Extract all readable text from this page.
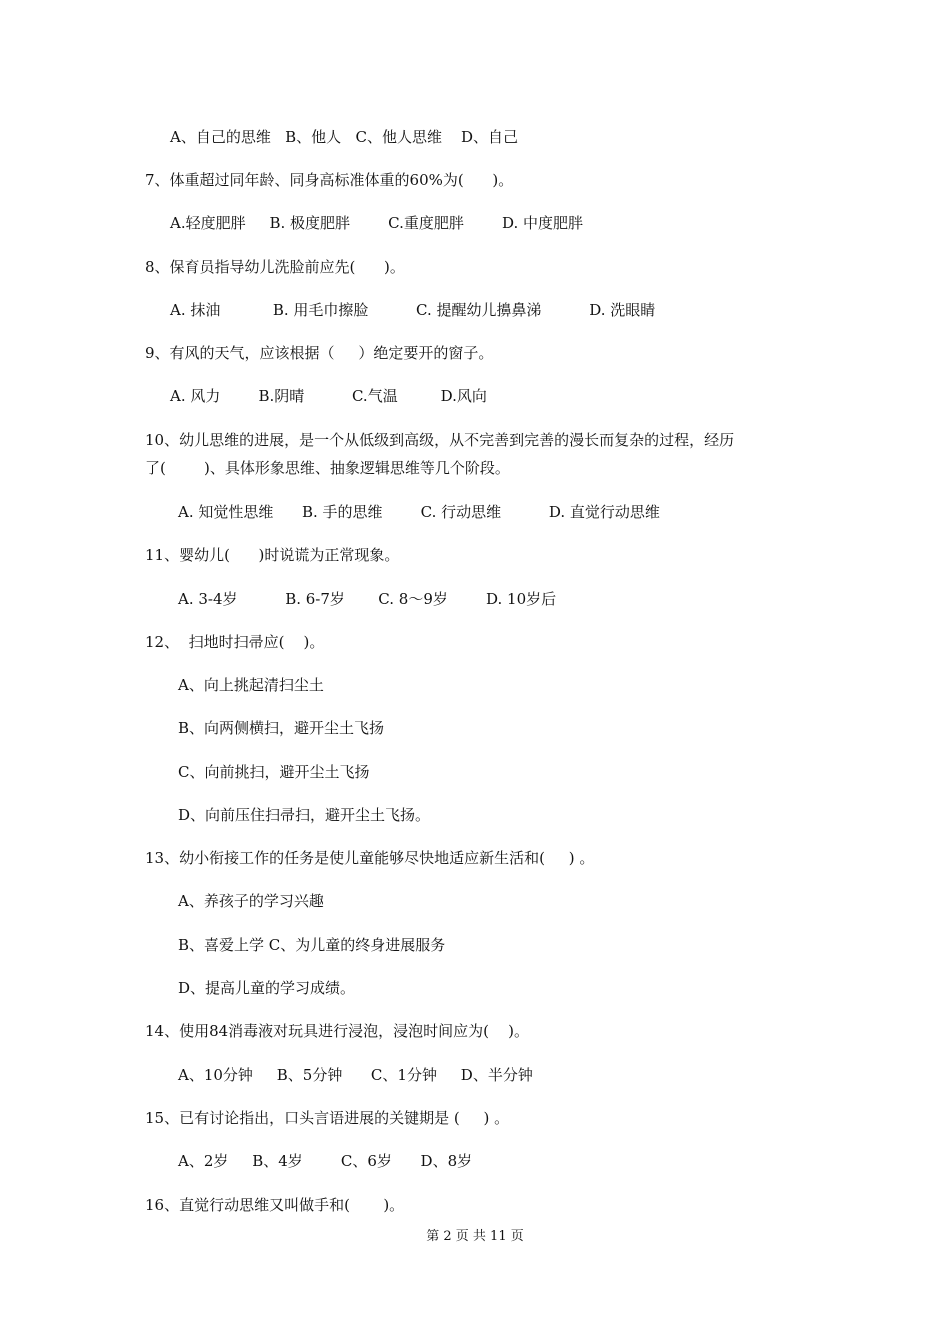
A、自己的思维   B、他人   C、他人思维    D、自己
7、体重超过同年龄、同身高标准体重的60%为(      )。
A.轻度肥胖     B. 极度肥胖        C.重度肥胖        D. 中度肥胖
8、保育员指导幼儿洗脸前应先(      )。
A. 抹油           B. 用毛巾擦脸          C. 提醒幼儿擤鼻涕          D. 洗眼睛
9、有风的天气，应该根据（     ）绝定要开的窗子。
A. 风力        B.阴晴          C.气温         D.风向
10、幼儿思维的进展，是一个从低级到高级，从不完善到完善的漫长而复杂的过程，经历
了(        )、具体形象思维、抽象逻辑思维等几个阶段。
A. 知觉性思维      B. 手的思维        C. 行动思维          D. 直觉行动思维
11、婴幼儿(      )时说谎为正常现象。
A. 3-4岁          B. 6-7岁       C. 8～9岁        D. 10岁后
12、  扫地时扫帚应(    )。
A、向上挑起清扫尘土
B、向两侧横扫，避开尘土飞扬
C、向前挑扫，避开尘土飞扬
D、向前压住扫帚扫，避开尘土飞扬。
13、幼小衔接工作的任务是使儿童能够尽快地适应新生活和(     ) 。
A、养孩子的学习兴趣
B、喜爱上学 C、为儿童的终身进展服务
D、提高儿童的学习成绩。
14、使用84消毒液对玩具进行浸泡，浸泡时间应为(    )。
A、10分钟     B、5分钟      C、1分钟     D、半分钟
15、已有讨论指出，口头言语进展的关键期是 (     ) 。
A、2岁     B、4岁        C、6岁      D、8岁
16、直觉行动思维又叫做手和(       )。
第 2 页 共 11 页
